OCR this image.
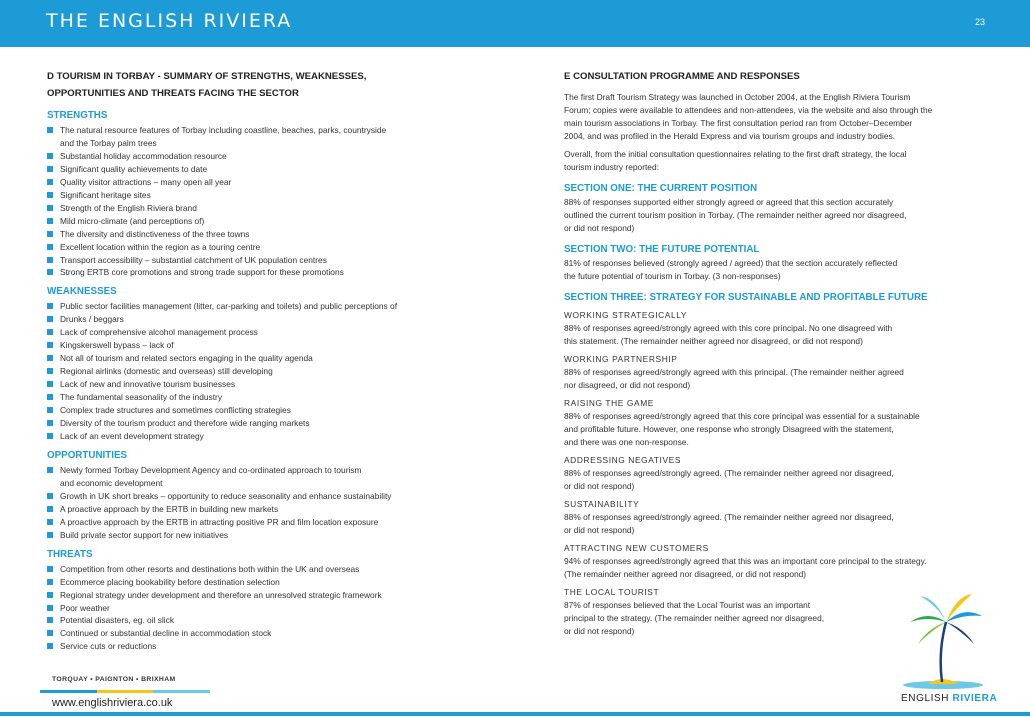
THE ENGLISH RIVIERA	23
D TOURISM IN TORBAY - SUMMARY OF STRENGTHS, WEAKNESSES,
OPPORTUNITIES AND THREATS FACING THE SECTOR
STRENGTHS
The natural resource features of Torbay including coastline, beaches, parks, countryside
and the Torbay palm trees
Substantial holiday accommodation resource
Significant quality achievements to date
Quality visitor attractions – many open all year
Significant heritage sites
Strength of the English Riviera brand
Mild micro-climate (and perceptions of)
The diversity and distinctiveness of the three towns
Excellent location within the region as a touring centre
Transport accessibility – substantial catchment of UK population centres
Strong ERTB core promotions and strong trade support for these promotions
WEAKNESSES
Public sector facilities management (litter, car-parking and toilets) and public perceptions of
Drunks / beggars
Lack of comprehensive alcohol management process
Kingskerswell bypass – lack of
Not all of tourism and related sectors engaging in the quality agenda
Regional airlinks (domestic and overseas) still developing
Lack of new and innovative tourism businesses
The fundamental seasonality of the industry
Complex trade structures and sometimes conflicting strategies
Diversity of the tourism product and therefore wide ranging markets
Lack of an event development strategy
OPPORTUNITIES
Newly formed Torbay Development Agency and co-ordinated approach to tourism
and economic development
Growth in UK short breaks – opportunity to reduce seasonality and enhance sustainability
A proactive approach by the ERTB in building new markets
A proactive approach by the ERTB in attracting positive PR and film location exposure
Build private sector support for new initiatives
THREATS
Competition from other resorts and destinations both within the UK and overseas
Ecommerce placing bookability before destination selection
Regional strategy under development and therefore an unresolved strategic framework
Poor weather
Potential disasters, eg. oil slick
Continued or substantial decline in accommodation stock
Service cuts or reductions
E CONSULTATION PROGRAMME AND RESPONSES

The first Draft Tourism Strategy was launched in October 2004, at the English Riviera Tourism

Forum; copies were available to attendees and non-attendees, via the website and also through the

main tourism associations in Torbay. The first consultation period ran from October–December

2004, and was profiled in the Herald Express and via tourism groups and industry bodies.

Overall, from the initial consultation questionnaires relating to the first draft strategy, the local

tourism industry reported:

SECTION ONE: THE CURRENT POSITION

88% of responses supported either strongly agreed or agreed that this section accurately

outlined the current tourism position in Torbay. (The remainder neither agreed nor disagreed,

or did not respond)

SECTION TWO: THE FUTURE POTENTIAL

81% of responses believed (strongly agreed / agreed) that the section accurately reflected

the future potential of tourism in Torbay. (3 non-responses)

SECTION THREE: STRATEGY FOR SUSTAINABLE AND PROFITABLE FUTURE
WORKING STRATEGICALLY

88% of responses agreed/strongly agreed with this core principal. No one disagreed with

this statement. (The remainder neither agreed nor disagreed, or did not respond)

WORKING PARTNERSHIP

88% of responses agreed/strongly agreed with this principal. (The remainder neither agreed

nor disagreed, or did not respond)

RAISING THE GAME

88% of responses agreed/strongly agreed that this core principal was essential for a sustainable

and profitable future. However, one response who strongly Disagreed with the statement,

and there was one non-response.

ADDRESSING NEGATIVES

88% of responses agreed/strongly agreed. (The remainder neither agreed nor disagreed,

or did not respond)

SUSTAINABILITY

88% of responses agreed/strongly agreed. (The remainder neither agreed nor disagreed,

or did not respond)

ATTRACTING NEW CUSTOMERS

94% of responses agreed/strongly agreed that this was an important core principal to the strategy.

(The remainder neither agreed nor disagreed, or did not respond)

THE LOCAL TOURIST

87% of responses believed that the Local Tourist was an important

principal to the strategy. (The remainder neither agreed nor disagreed,

or did not respond)

ENGLISH RIVIERA
TORQUAY • PAIGNTON • BRIXHAM
www.englishriviera.co.uk
